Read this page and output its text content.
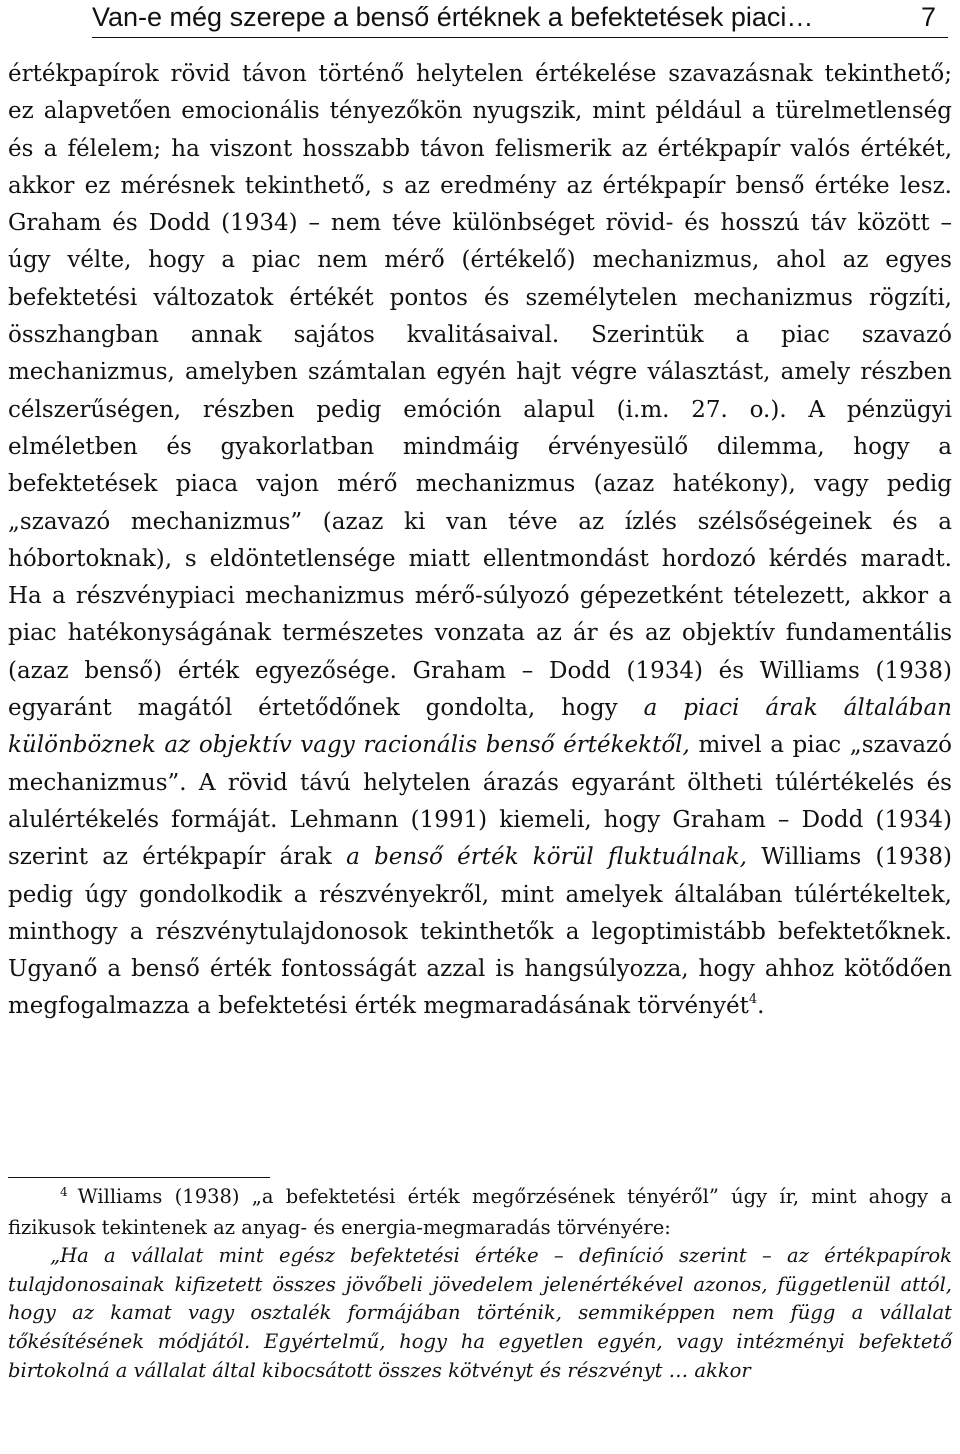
Van-e még szerepe a benső értéknek a befektetések piaci…	7

értékpapírok rövid távon történő helytelen értékelése szavazásnak tekinthető; ez alapvetően emocionális tényezőkön nyugszik, mint például a türelmetlenség és a félelem; ha viszont hosszabb távon felismerik az értékpapír valós értékét, akkor ez mérésnek tekinthető, s az eredmény az értékpapír benső értéke lesz. Graham és Dodd (1934) – nem téve különbséget rövid- és hosszú táv között – úgy vélte, hogy a piac nem mérő (értékelő) mechanizmus, ahol az egyes befektetési változatok értékét pontos és személytelen mechanizmus rögzíti, összhangban annak sajátos kvalitásaival. Szerintük a piac szavazó mechanizmus, amelyben számtalan egyén hajt végre választást, amely részben célszerűségen, részben pedig emóción alapul (i.m. 27. o.). A pénzügyi elméletben és gyakorlatban mindmáig érvényesülő dilemma, hogy a befektetések piaca vajon mérő mechanizmus (azaz hatékony), vagy pedig „szavazó mechanizmus” (azaz ki van téve az ízlés szélsőségeinek és a hóbortoknak), s eldöntetlensége miatt ellentmondást hordozó kérdés maradt. Ha a részvénypiaci mechanizmus mérő-súlyozó gépezetként tételezett, akkor a piac hatékonyságának természetes vonzata az ár és az objektív fundamentális (azaz benső) érték egyezősége. Graham – Dodd (1934) és Williams (1938) egyaránt magától értetődőnek gondolta, hogy a piaci árak általában különböznek az objektív vagy racionális benső értékektől, mivel a piac „szavazó mechanizmus”. A rövid távú helytelen árazás egyaránt öltheti túlértékelés és alulértékelés formáját. Lehmann (1991) kiemeli, hogy Graham – Dodd (1934) szerint az értékpapír árak a benső érték körül fluktuálnak, Williams (1938) pedig úgy gondolkodik a részvényekről, mint amelyek általában túlértékeltek, minthogy a részvénytulajdonosok tekinthetők a legoptimistább befektetőknek. Ugyanő a benső érték fontosságát azzal is hangsúlyozza, hogy ahhoz kötődően megfogalmazza a befektetési érték megmaradásának törvényét$^4$.

$^4$ Williams (1938) „a befektetési érték megőrzésének tényéről” úgy ír, mint ahogy a fizikusok tekintenek az anyag- és energia-megmaradás törvényére:

„Ha a vállalat mint egész befektetési értéke – definíció szerint – az értékpapírok tulajdonosainak kifizetett összes jövőbeli jövedelem jelenértékével azonos, függetlenül attól, hogy az kamat vagy osztalék formájában történik, semmiképpen nem függ a vállalat tőkésítésének módjától. Egyértelmű, hogy ha egyetlen egyén, vagy intézményi befektető birtokolná a vállalat által kibocsátott összes kötvényt és részvényt … akkor
